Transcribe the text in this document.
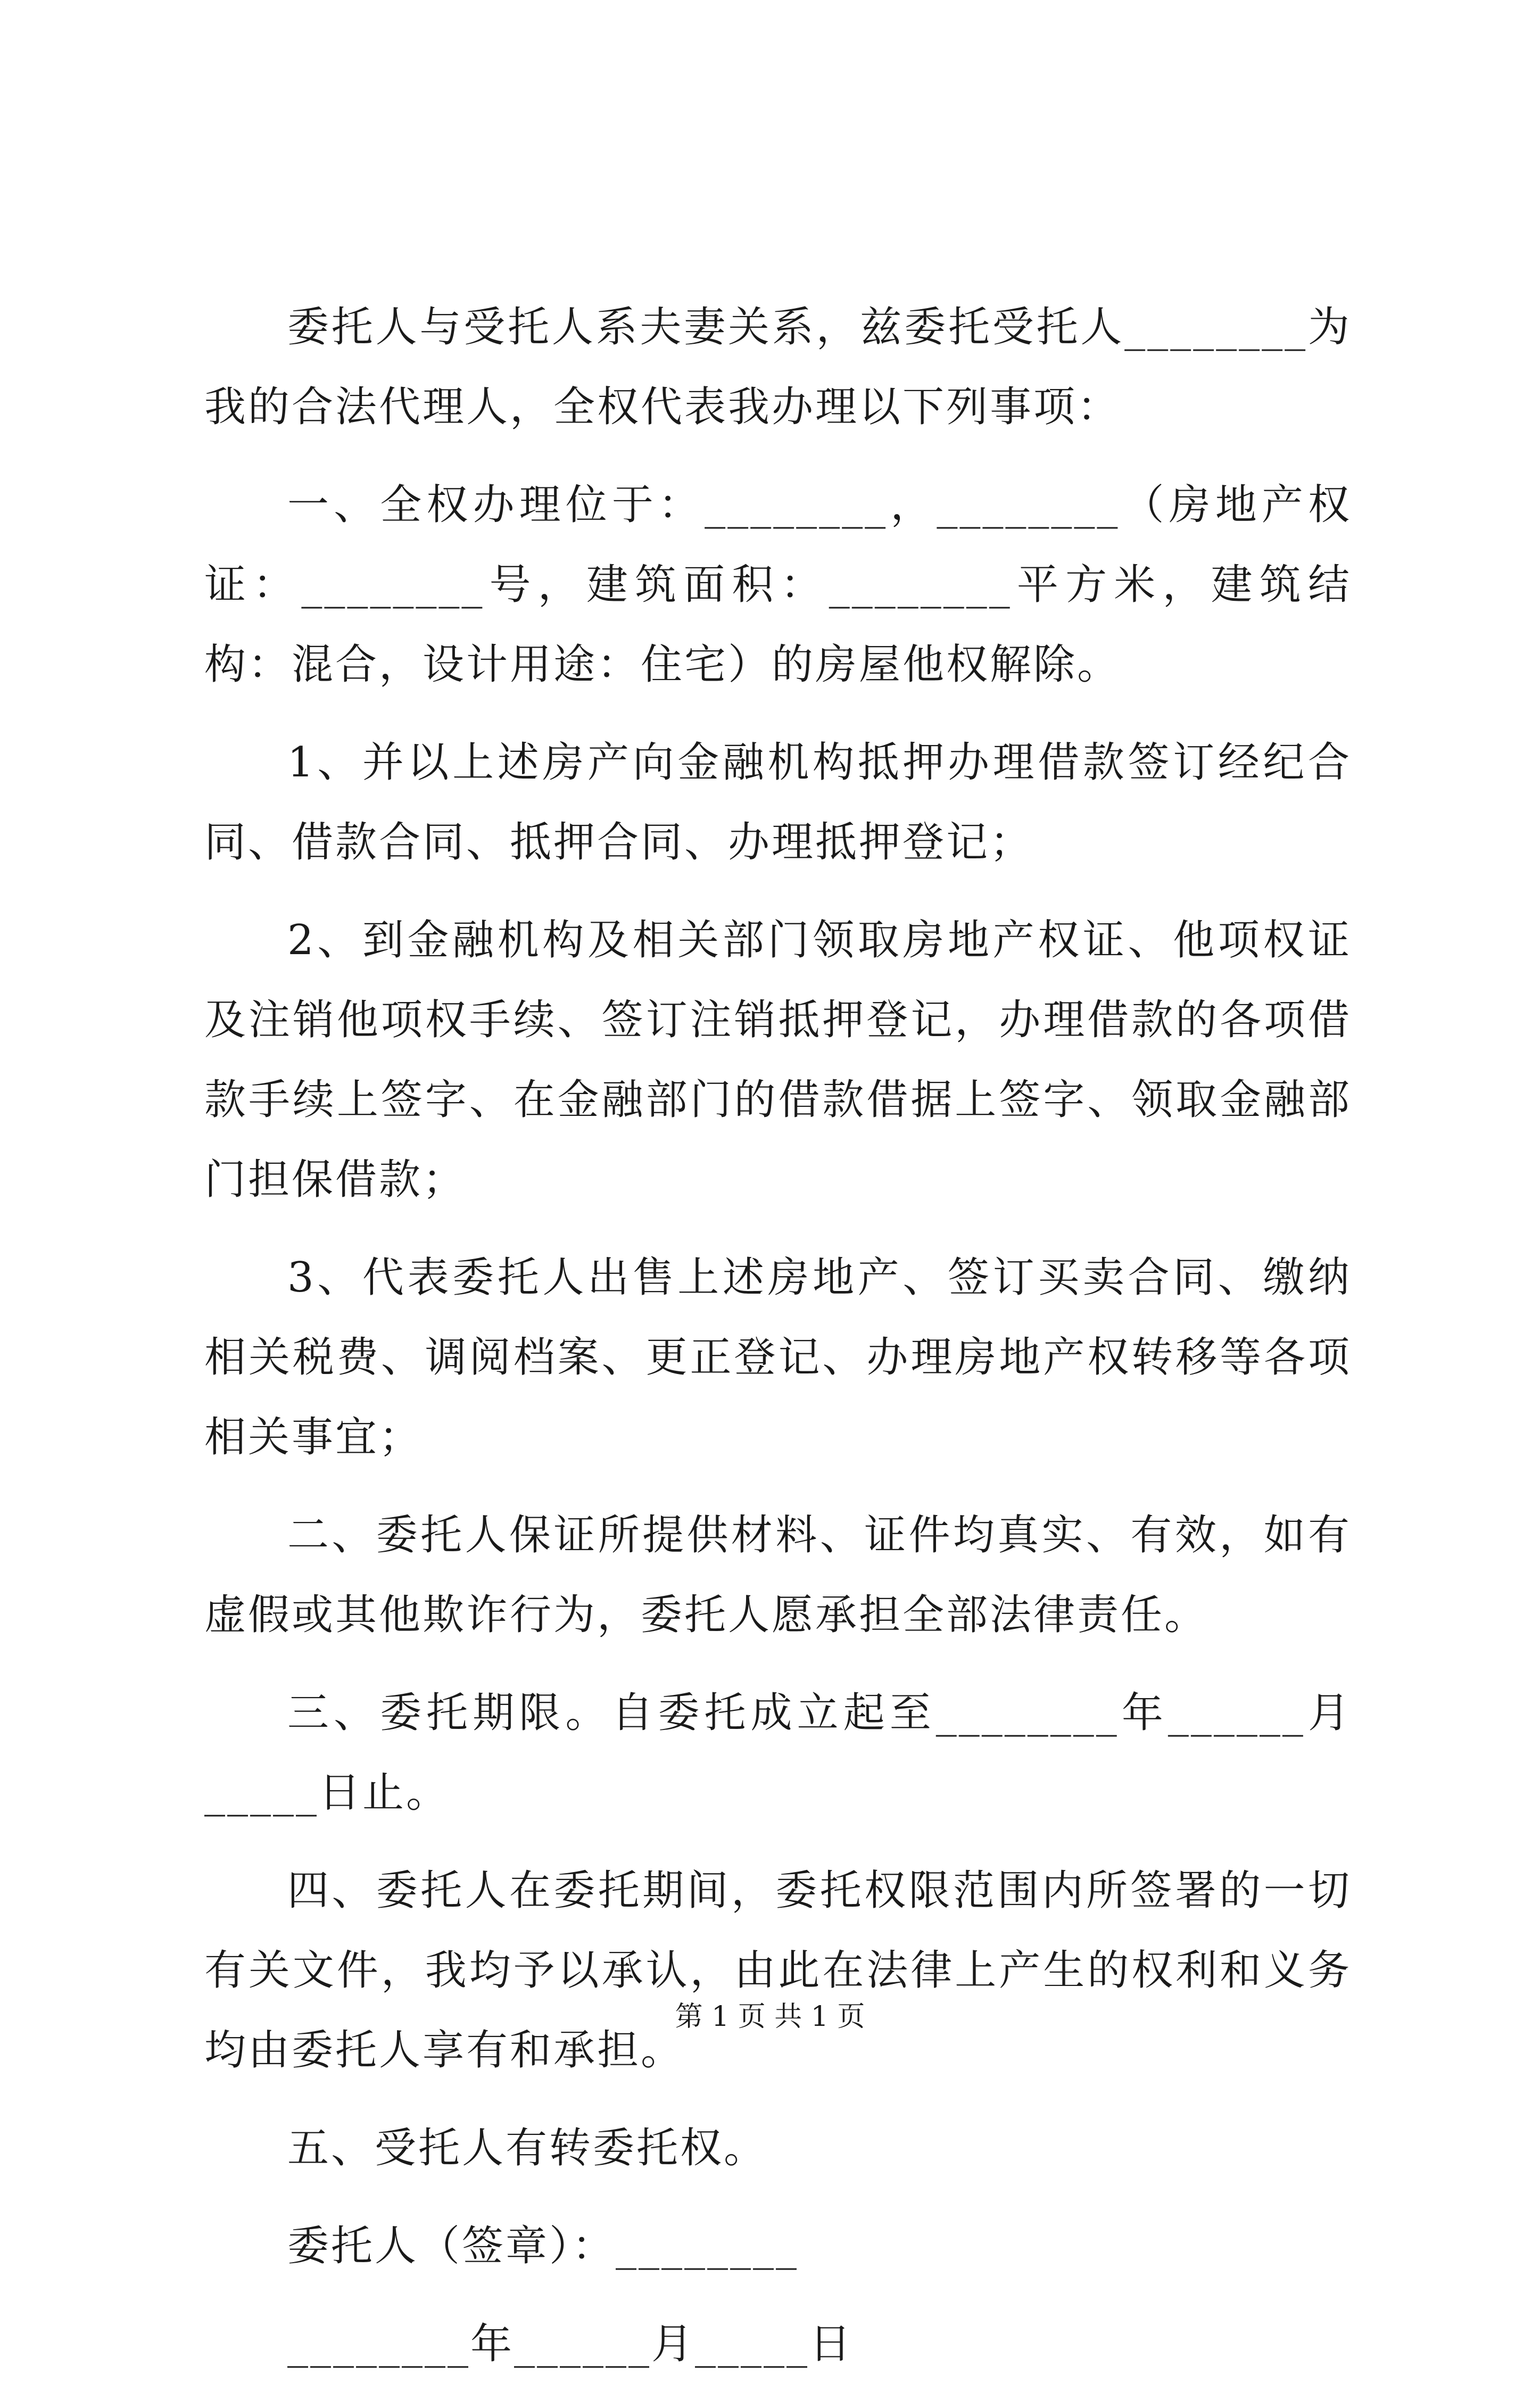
委托人与受托人系夫妻关系，兹委托受托人________为我的合法代理人，全权代表我办理以下列事项：

一、全权办理位于：________，________（房地产权证：________号，建筑面积：________平方米，建筑结构：混合，设计用途：住宅）的房屋他权解除。

1、并以上述房产向金融机构抵押办理借款签订经纪合同、借款合同、抵押合同、办理抵押登记；

2、到金融机构及相关部门领取房地产权证、他项权证及注销他项权手续、签订注销抵押登记，办理借款的各项借款手续上签字、在金融部门的借款借据上签字、领取金融部门担保借款；

3、代表委托人出售上述房地产、签订买卖合同、缴纳相关税费、调阅档案、更正登记、办理房地产权转移等各项相关事宜；

二、委托人保证所提供材料、证件均真实、有效，如有虚假或其他欺诈行为，委托人愿承担全部法律责任。

三、委托期限。自委托成立起至________年______月_____日止。

四、委托人在委托期间，委托权限范围内所签署的一切有关文件，我均予以承认，由此在法律上产生的权利和义务均由委托人享有和承担。

五、受托人有转委托权。

委托人（签章）：________

________年______月_____日

第 1 页 共 1 页
